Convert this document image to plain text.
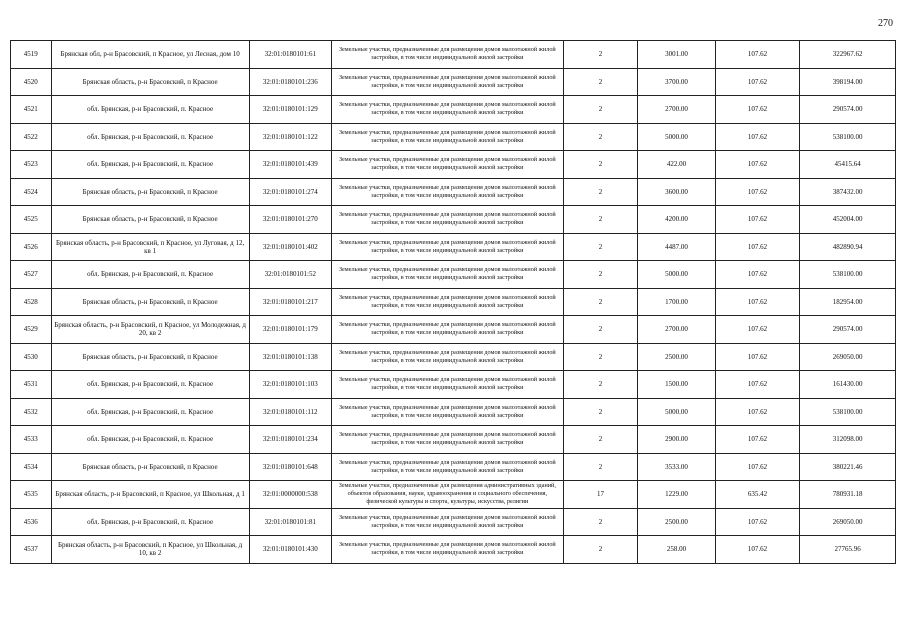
270
4519	Брянская обл, р-н Брасовский, п Красное, ул Лесная, дом 10	32:01:0180101:61	Земельные участки, предназначенные для размещения домов малоэтажной жилой застройки, в том числе индивидуальной жилой застройки	2	3001.00	107.62	322967.62
4520	Брянская область, р-н Брасовский, п Красное	32:01:0180101:236	Земельные участки, предназначенные для размещения домов малоэтажной жилой застройки, в том числе индивидуальной жилой застройки	2	3700.00	107.62	398194.00
4521	обл. Брянская, р-н Брасовский, п. Красное	32:01:0180101:129	Земельные участки, предназначенные для размещения домов малоэтажной жилой застройки, в том числе индивидуальной жилой застройки	2	2700.00	107.62	290574.00
4522	обл. Брянская, р-н Брасовский, п. Красное	32:01:0180101:122	Земельные участки, предназначенные для размещения домов малоэтажной жилой застройки, в том числе индивидуальной жилой застройки	2	5000.00	107.62	538100.00
4523	обл. Брянская, р-н Брасовский, п. Красное	32:01:0180101:439	Земельные участки, предназначенные для размещения домов малоэтажной жилой застройки, в том числе индивидуальной жилой застройки	2	422.00	107.62	45415.64
4524	Брянская область, р-н Брасовский, п Красное	32:01:0180101:274	Земельные участки, предназначенные для размещения домов малоэтажной жилой застройки, в том числе индивидуальной жилой застройки	2	3600.00	107.62	387432.00
4525	Брянская область, р-н Брасовский, п Красное	32:01:0180101:270	Земельные участки, предназначенные для размещения домов малоэтажной жилой застройки, в том числе индивидуальной жилой застройки	2	4200.00	107.62	452004.00
4526	Брянская область, р-н Брасовский, п Красное, ул Луговая, д 12, кв 1	32:01:0180101:402	Земельные участки, предназначенные для размещения домов малоэтажной жилой застройки, в том числе индивидуальной жилой застройки	2	4487.00	107.62	482890.94
4527	обл. Брянская, р-н Брасовский, п. Красное	32:01:0180101:52	Земельные участки, предназначенные для размещения домов малоэтажной жилой застройки, в том числе индивидуальной жилой застройки	2	5000.00	107.62	538100.00
4528	Брянская область, р-н Брасовский, п Красное	32:01:0180101:217	Земельные участки, предназначенные для размещения домов малоэтажной жилой застройки, в том числе индивидуальной жилой застройки	2	1700.00	107.62	182954.00
4529	Брянская область, р-н Брасовский, п Красное, ул Молодежная, д 20, кв 2	32:01:0180101:179	Земельные участки, предназначенные для размещения домов малоэтажной жилой застройки, в том числе индивидуальной жилой застройки	2	2700.00	107.62	290574.00
4530	Брянская область, р-н Брасовский, п Красное	32:01:0180101:138	Земельные участки, предназначенные для размещения домов малоэтажной жилой застройки, в том числе индивидуальной жилой застройки	2	2500.00	107.62	269050.00
4531	обл. Брянская, р-н Брасовский, п. Красное	32:01:0180101:103	Земельные участки, предназначенные для размещения домов малоэтажной жилой застройки, в том числе индивидуальной жилой застройки	2	1500.00	107.62	161430.00
4532	обл. Брянская, р-н Брасовский, п. Красное	32:01:0180101:112	Земельные участки, предназначенные для размещения домов малоэтажной жилой застройки, в том числе индивидуальной жилой застройки	2	5000.00	107.62	538100.00
4533	обл. Брянская, р-н Брасовский, п. Красное	32:01:0180101:234	Земельные участки, предназначенные для размещения домов малоэтажной жилой застройки, в том числе индивидуальной жилой застройки	2	2900.00	107.62	312098.00
4534	Брянская область, р-н Брасовский, п Красное	32:01:0180101:648	Земельные участки, предназначенные для размещения домов малоэтажной жилой застройки, в том числе индивидуальной жилой застройки	2	3533.00	107.62	380221.46
4535	Брянская область, р-н Брасовский, п Красное, ул Школьная, д 1	32:01:0000000:538	Земельные участки, предназначенные для размещения административных зданий, объектов образования, науки, здравоохранения и социального обеспечения, физической культуры и спорта, культуры, искусства, религии	17	1229.00	635.42	780931.18
4536	обл. Брянская, р-н Брасовский, п. Красное	32:01:0180101:81	Земельные участки, предназначенные для размещения домов малоэтажной жилой застройки, в том числе индивидуальной жилой застройки	2	2500.00	107.62	269050.00
4537	Брянская область, р-н Брасовский, п Красное, ул Школьная, д 10, кв 2	32:01:0180101:430	Земельные участки, предназначенные для размещения домов малоэтажной жилой застройки, в том числе индивидуальной жилой застройки	2	258.00	107.62	27765.96
